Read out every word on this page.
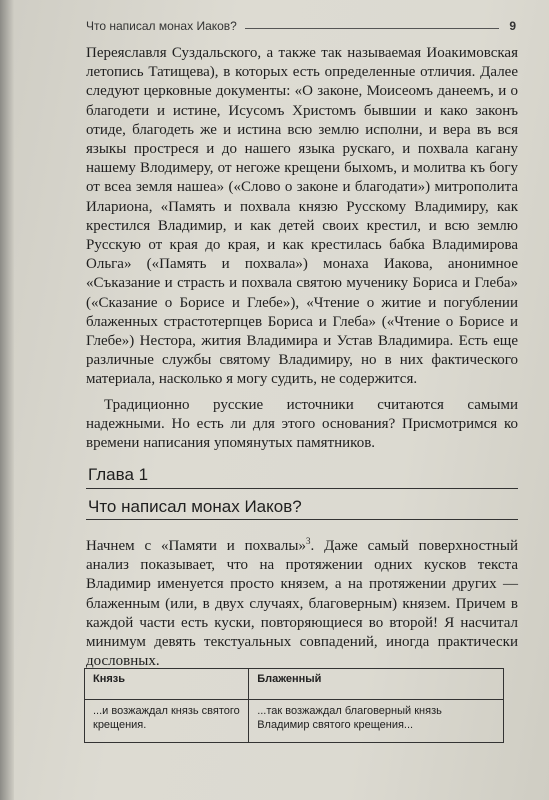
Что написал монах Иаков?	9

Переяславля Суздальского, а также так называемая Иоакимовская летопись Татищева), в которых есть определенные отличия. Далее следуют церковные документы: «О законе, Моисеомъ данеемъ, и о благодети и истине, Исусомъ Христомъ бывшии и како законъ отиде, благодеть же и истина всю землю исполни, и вера въ вся языкы простреся и до нашего языка рускаго, и похвала кагану нашему Влодимеру, от негоже крещени быхомъ, и молитва къ богу от всеа земля нашеа» («Слово о законе и благодати») митрополита Илариона, «Память и похвала князю Русскому Владимиру, как крестился Владимир, и как детей своих крестил, и всю землю Русскую от края до края, и как крестилась бабка Владимирова Ольга» («Память и похвала») монаха Иакова, анонимное «Съказание и страсть и похвала святою мученику Бориса и Глеба» («Сказание о Борисе и Глебе»), «Чтение о житие и погублении блаженных страстотерпцев Бориса и Глеба» («Чтение о Борисе и Глебе») Нестора, жития Владимира и Устав Владимира. Есть еще различные службы святому Владимиру, но в них фактического материала, насколько я могу судить, не содержится.

Традиционно русские источники считаются самыми надежными. Но есть ли для этого основания? Присмотримся ко времени написания упомянутых памятников.

Глава 1
Что написал монах Иаков?

Начнем с «Памяти и похвалы»$^3$. Даже самый поверхностный анализ показывает, что на протяжении одних кусков текста Владимир именуется просто князем, а на протяжении других — блаженным (или, в двух случаях, благоверным) князем. Причем в каждой части есть куски, повторяющиеся во второй! Я насчитал минимум девять текстуальных совпадений, иногда практически дословных.

Князь	Блаженный
...и возжаждал князь святого крещения.	...так возжаждал благоверный князь Владимир святого крещения...
